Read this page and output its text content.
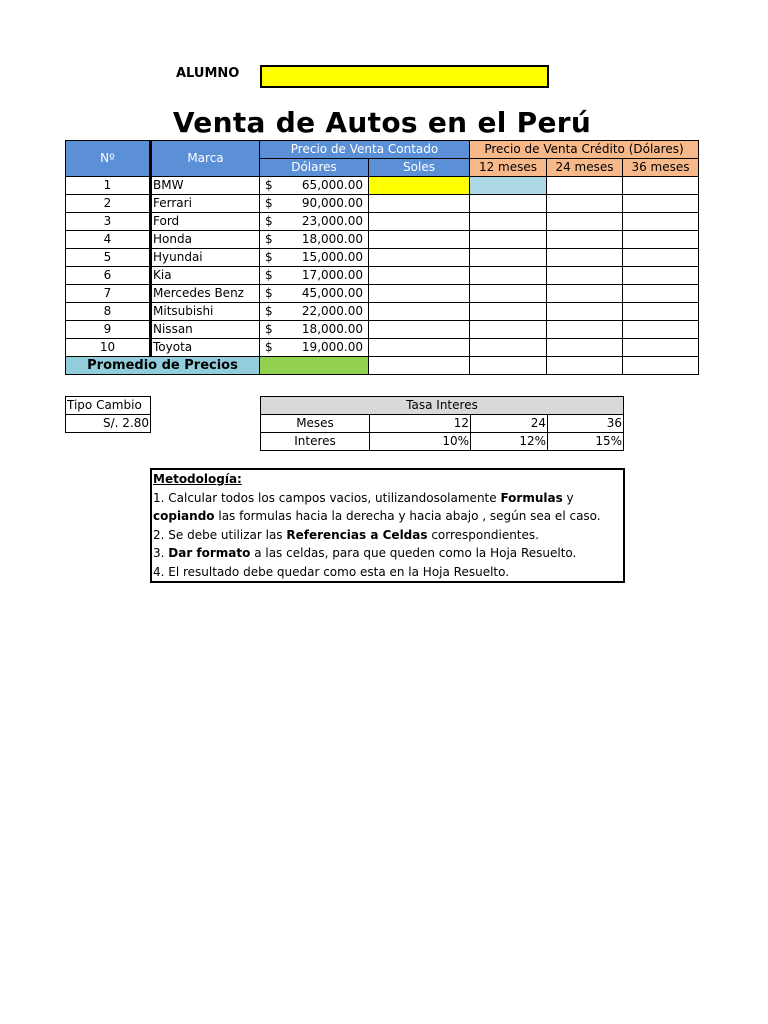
ALUMNO
Venta de Autos en el Perú
Nº	Marca	Precio de Venta Contado		Precio de Venta Crédito (Dólares)		
		Dólares	Soles	12 meses	24 meses	36 meses
1	BMW	$ 65,000.00				

2	Ferrari	$ 90,000.00				

3	Ford	$ 23,000.00				

4	Honda	$ 18,000.00				

5	Hyundai	$ 15,000.00				

6	Kia	$ 17,000.00				

7	Mercedes Benz	$ 45,000.00				

8	Mitsubishi	$ 22,000.00				

9	Nissan	$ 18,000.00				

10	Toyota	$ 19,000.00				

Promedio de Precios						
Tipo Cambio
S/. 2.80
Tasa Interes			
Meses	12	24	36
Interes	10%	12%	15%
Metodología:
1. Calcular todos los campos vacios, utilizandosolamente Formulas y
copiando las formulas hacia la derecha y hacia abajo , según sea el caso.
2. Se debe utilizar las Referencias a Celdas correspondientes.
3. Dar formato a las celdas, para que queden como la Hoja Resuelto.
4. El resultado debe quedar como esta en la Hoja Resuelto.
